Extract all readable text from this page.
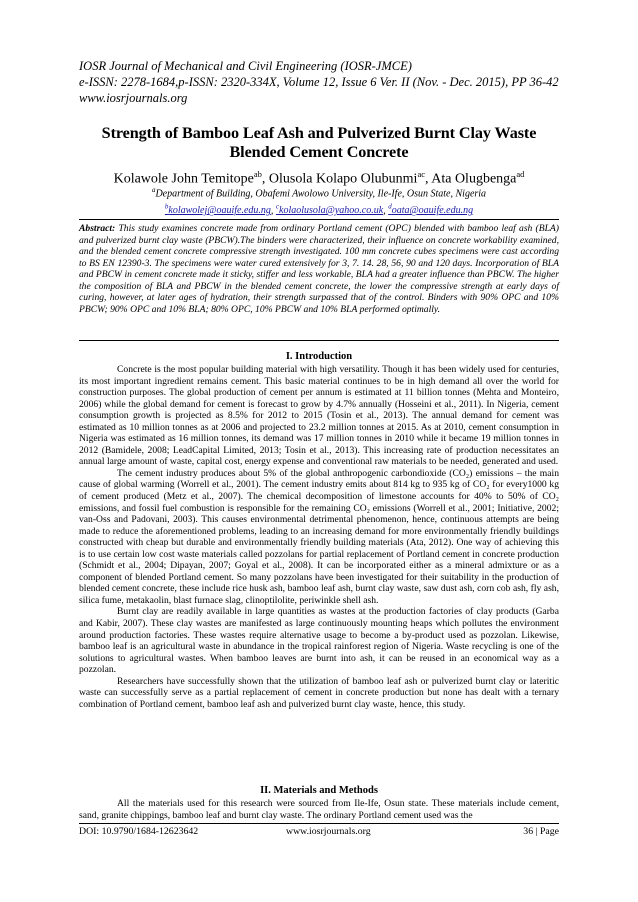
IOSR Journal of Mechanical and Civil Engineering (IOSR-JMCE)
e-ISSN: 2278-1684,p-ISSN: 2320-334X, Volume 12, Issue 6 Ver. II (Nov. - Dec. 2015), PP 36-42
www.iosrjournals.org
Strength of Bamboo Leaf Ash and Pulverized Burnt Clay Waste
Blended Cement Concrete
Kolawole John Temitope$^{ab}$, Olusola Kolapo Olubunmi$^{ac}$, Ata Olugbenga$^{ad}$
$^a$Department of Building, Obafemi Awolowo University, Ile-Ife, Osun State, Nigeria
$^b$kolawolej@oauife.edu.ng, $^c$kolaolusola@yahoo.co.uk, $^d$oata@oauife.edu.ng
Abstract: This study examines concrete made from ordinary Portland cement (OPC) blended with bamboo leaf ash (BLA) and pulverized burnt clay waste (PBCW).The binders were characterized, their influence on concrete workability examined, and the blended cement concrete compressive strength investigated. 100 mm concrete cubes specimens were cast according to BS EN 12390-3. The specimens were water cured extensively for 3, 7. 14. 28, 56, 90 and 120 days. Incorporation of BLA and PBCW in cement concrete made it sticky, stiffer and less workable, BLA had a greater influence than PBCW. The higher the composition of BLA and PBCW in the blended cement concrete, the lower the compressive strength at early days of curing, however, at later ages of hydration, their strength surpassed that of the control. Binders with 90% OPC and 10% PBCW; 90% OPC and 10% BLA; 80% OPC, 10% PBCW and 10% BLA performed optimally.
I. Introduction

Concrete is the most popular building material with high versatility. Though it has been widely used for centuries, its most important ingredient remains cement. This basic material continues to be in high demand all over the world for construction purposes. The global production of cement per annum is estimated at 11 billion tonnes (Mehta and Monteiro, 2006) while the global demand for cement is forecast to grow by 4.7% annually (Hosseini et al., 2011). In Nigeria, cement consumption growth is projected as 8.5% for 2012 to 2015 (Tosin et al., 2013). The annual demand for cement was estimated as 10 million tonnes as at 2006 and projected to 23.2 million tonnes at 2015. As at 2010, cement consumption in Nigeria was estimated as 16 million tonnes, its demand was 17 million tonnes in 2010 while it became 19 million tonnes in 2012 (Bamidele, 2008; LeadCapital Limited, 2013; Tosin et al., 2013). This increasing rate of production necessitates an annual large amount of waste, capital cost, energy expense and conventional raw materials to be needed, generated and used.

The cement industry produces about 5% of the global anthropogenic carbondioxide (CO₂) emissions – the main cause of global warming (Worrell et al., 2001). The cement industry emits about 814 kg to 935 kg of CO₂ for every1000 kg of cement produced (Metz et al., 2007). The chemical decomposition of limestone accounts for 40% to 50% of CO₂ emissions, and fossil fuel combustion is responsible for the remaining CO₂ emissions (Worrell et al., 2001; Initiative, 2002; van-Oss and Padovani, 2003). This causes environmental detrimental phenomenon, hence, continuous attempts are being made to reduce the aforementioned problems, leading to an increasing demand for more environmentally friendly buildings constructed with cheap but durable and environmentally friendly building materials (Ata, 2012). One way of achieving this is to use certain low cost waste materials called pozzolans for partial replacement of Portland cement in concrete production (Schmidt et al., 2004; Dipayan, 2007; Goyal et al., 2008). It can be incorporated either as a mineral admixture or as a component of blended Portland cement. So many pozzolans have been investigated for their suitability in the production of blended cement concrete, these include rice husk ash, bamboo leaf ash, burnt clay waste, saw dust ash, corn cob ash, fly ash, silica fume, metakaolin, blast furnace slag, clinoptilolite, periwinkle shell ash.

Burnt clay are readily available in large quantities as wastes at the production factories of clay products (Garba and Kabir, 2007). These clay wastes are manifested as large continuously mounting heaps which pollutes the environment around production factories. These wastes require alternative usage to become a by-product used as pozzolan. Likewise, bamboo leaf is an agricultural waste in abundance in the tropical rainforest region of Nigeria. Waste recycling is one of the solutions to agricultural wastes. When bamboo leaves are burnt into ash, it can be reused in an economical way as a pozzolan.

Researchers have successfully shown that the utilization of bamboo leaf ash or pulverized burnt clay or lateritic waste can successfully serve as a partial replacement of cement in concrete production but none has dealt with a ternary combination of Portland cement, bamboo leaf ash and pulverized burnt clay waste, hence, this study.

II. Materials and Methods

All the materials used for this research were sourced from Ile-Ife, Osun state. These materials include cement, sand, granite chippings, bamboo leaf and burnt clay waste. The ordinary Portland cement used was the

DOI: 10.9790/1684-12623642	www.iosrjournals.org	36 | Page
